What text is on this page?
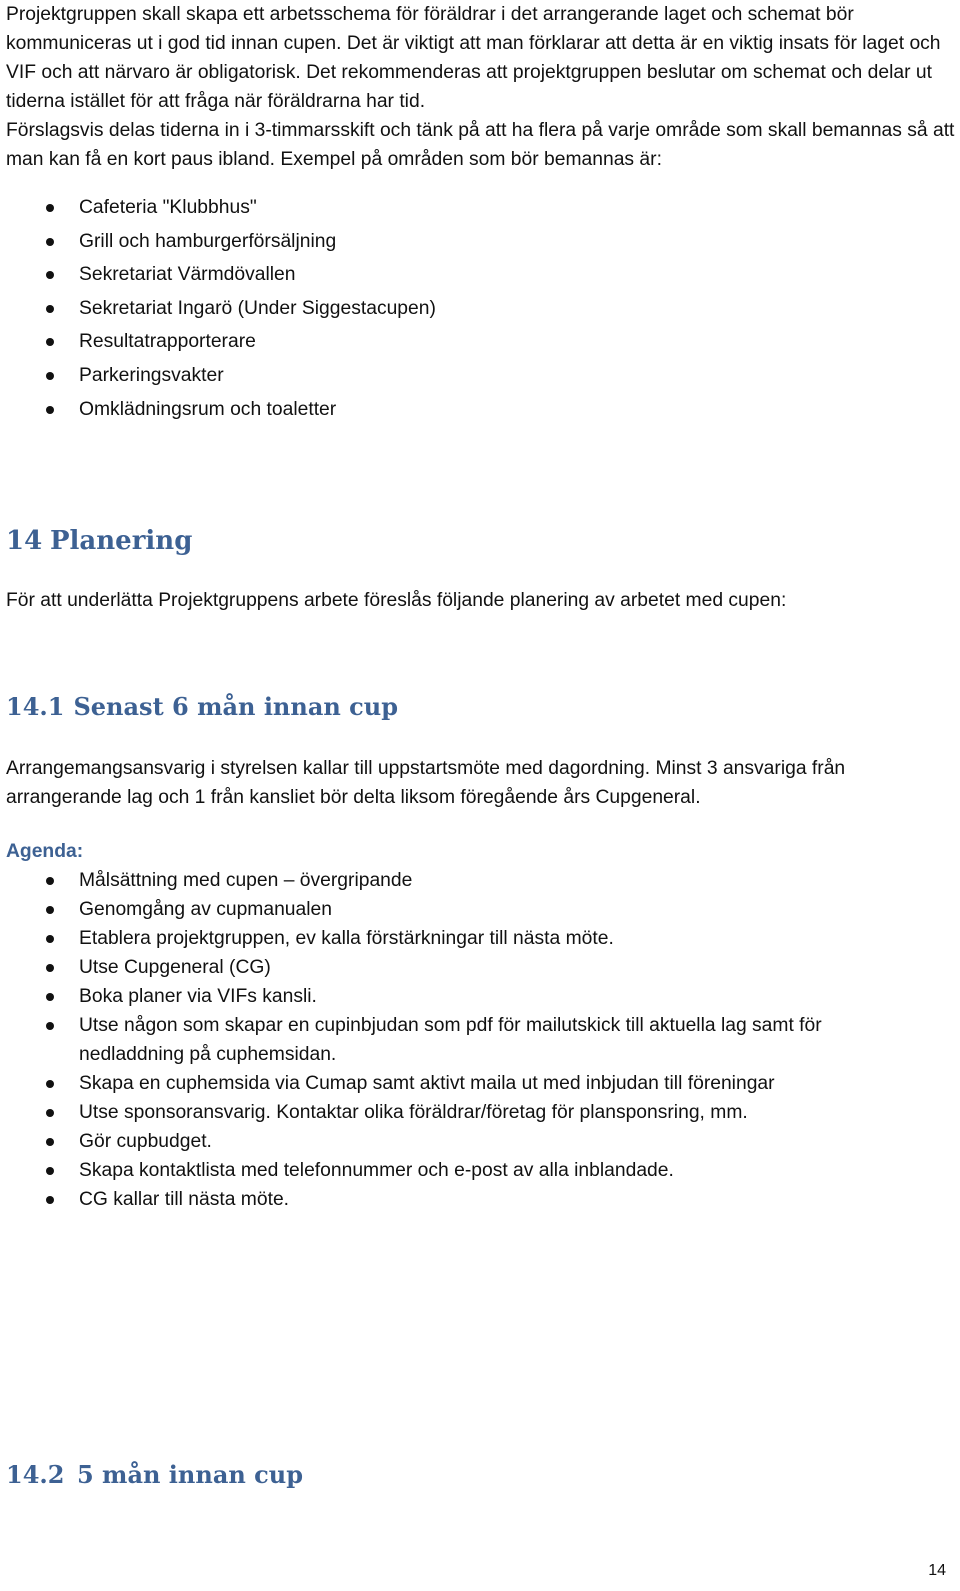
Projektgruppen skall skapa ett arbetsschema för föräldrar i det arrangerande laget och schemat bör kommuniceras ut i god tid innan cupen. Det är viktigt att man förklarar att detta är en viktig insats för laget och VIF och att närvaro är obligatorisk. Det rekommenderas att projektgruppen beslutar om schemat och delar ut tiderna istället för att fråga när föräldrarna har tid.

Förslagsvis delas tiderna in i 3-timmarsskift och tänk på att ha flera på varje område som skall bemannas så att man kan få en kort paus ibland. Exempel på områden som bör bemannas är:

Cafeteria "Klubbhus"
Grill och hamburgerförsäljning
Sekretariat Värmdövallen
Sekretariat Ingarö (Under Siggestacupen)
Resultatrapporterare
Parkeringsvakter
Omklädningsrum och toaletter
14 Planering

För att underlätta Projektgruppens arbete föreslås följande planering av arbetet med cupen:

14.1 Senast 6 mån innan cup

Arrangemangsansvarig i styrelsen kallar till uppstartsmöte med dagordning. Minst 3 ansvariga från arrangerande lag och 1 från kansliet bör delta liksom föregående års Cupgeneral.

Agenda:

Målsättning med cupen – övergripande
Genomgång av cupmanualen
Etablera projektgruppen, ev kalla förstärkningar till nästa möte.
Utse Cupgeneral (CG)
Boka planer via VIFs kansli.
Utse någon som skapar en cupinbjudan som pdf för mailutskick till aktuella lag samt för nedladdning på cuphemsidan.
Skapa en cuphemsida via Cumap samt aktivt maila ut med inbjudan till föreningar
Utse sponsoransvarig. Kontaktar olika föräldrar/företag för plansponsring, mm.
Gör cupbudget.
Skapa kontaktlista med telefonnummer och e-post av alla inblandade.
CG kallar till nästa möte.
14.2 5 mån innan cup
14
